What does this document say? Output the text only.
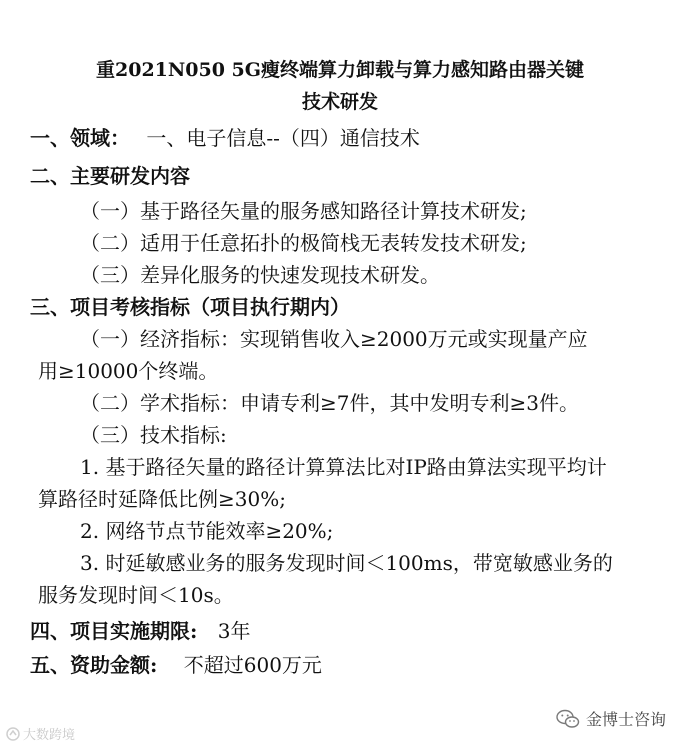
重2021N050 5G瘦终端算力卸载与算力感知路由器关键
技术研发
一、领域： 一、电子信息--（四）通信技术
二、主要研发内容
（一）基于路径矢量的服务感知路径计算技术研发;
（二）适用于任意拓扑的极简栈无表转发技术研发;
（三）差异化服务的快速发现技术研发。
三、项目考核指标（项目执行期内）
（一）经济指标：实现销售收入≥2000万元或实现量产应
用≥10000个终端。
（二）学术指标：申请专利≥7件，其中发明专利≥3件。
（三）技术指标:
1. 基于路径矢量的路径计算算法比对IP路由算法实现平均计
算路径时延降低比例≥30%;
2. 网络节点节能效率≥20%;
3. 时延敏感业务的服务发现时间＜100ms，带宽敏感业务的
服务发现时间＜10s。
四、项目实施期限: 3年
五、资助金额: 不超过600万元
大数跨境
金博士咨询
